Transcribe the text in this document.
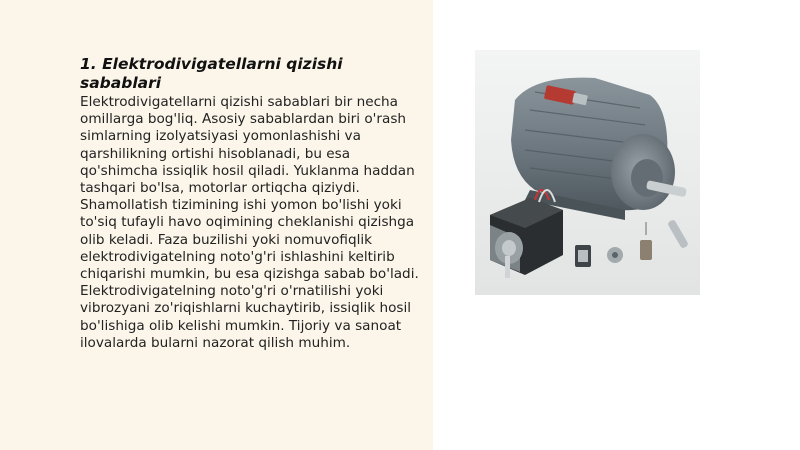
1. Elektrodivigatellarni qizishi sabablari

Elektrodivigatellarni qizishi sabablari bir necha omillarga bog'liq. Asosiy sabablardan biri o'rash simlarning izolyatsiyasi yomonlashishi va qarshilikning ortishi hisoblanadi, bu esa qo'shimcha issiqlik hosil qiladi. Yuklanma haddan tashqari bo'lsa, motorlar ortiqcha qiziydi. Shamollatish tizimining ishi yomon bo'lishi yoki to'siq tufayli havo oqimining cheklanishi qizishga olib keladi. Faza buzilishi yoki nomuvofiqlik elektrodivigatelning noto'g'ri ishlashini keltirib chiqarishi mumkin, bu esa qizishga sabab bo'ladi. Elektrodivigatelning noto'g'ri o'rnatilishi yoki vibrozyani zo'riqishlarni kuchaytirib, issiqlik hosil bo'lishiga olib kelishi mumkin. Tijoriy va sanoat ilovalarda bularni nazorat qilish muhim.
